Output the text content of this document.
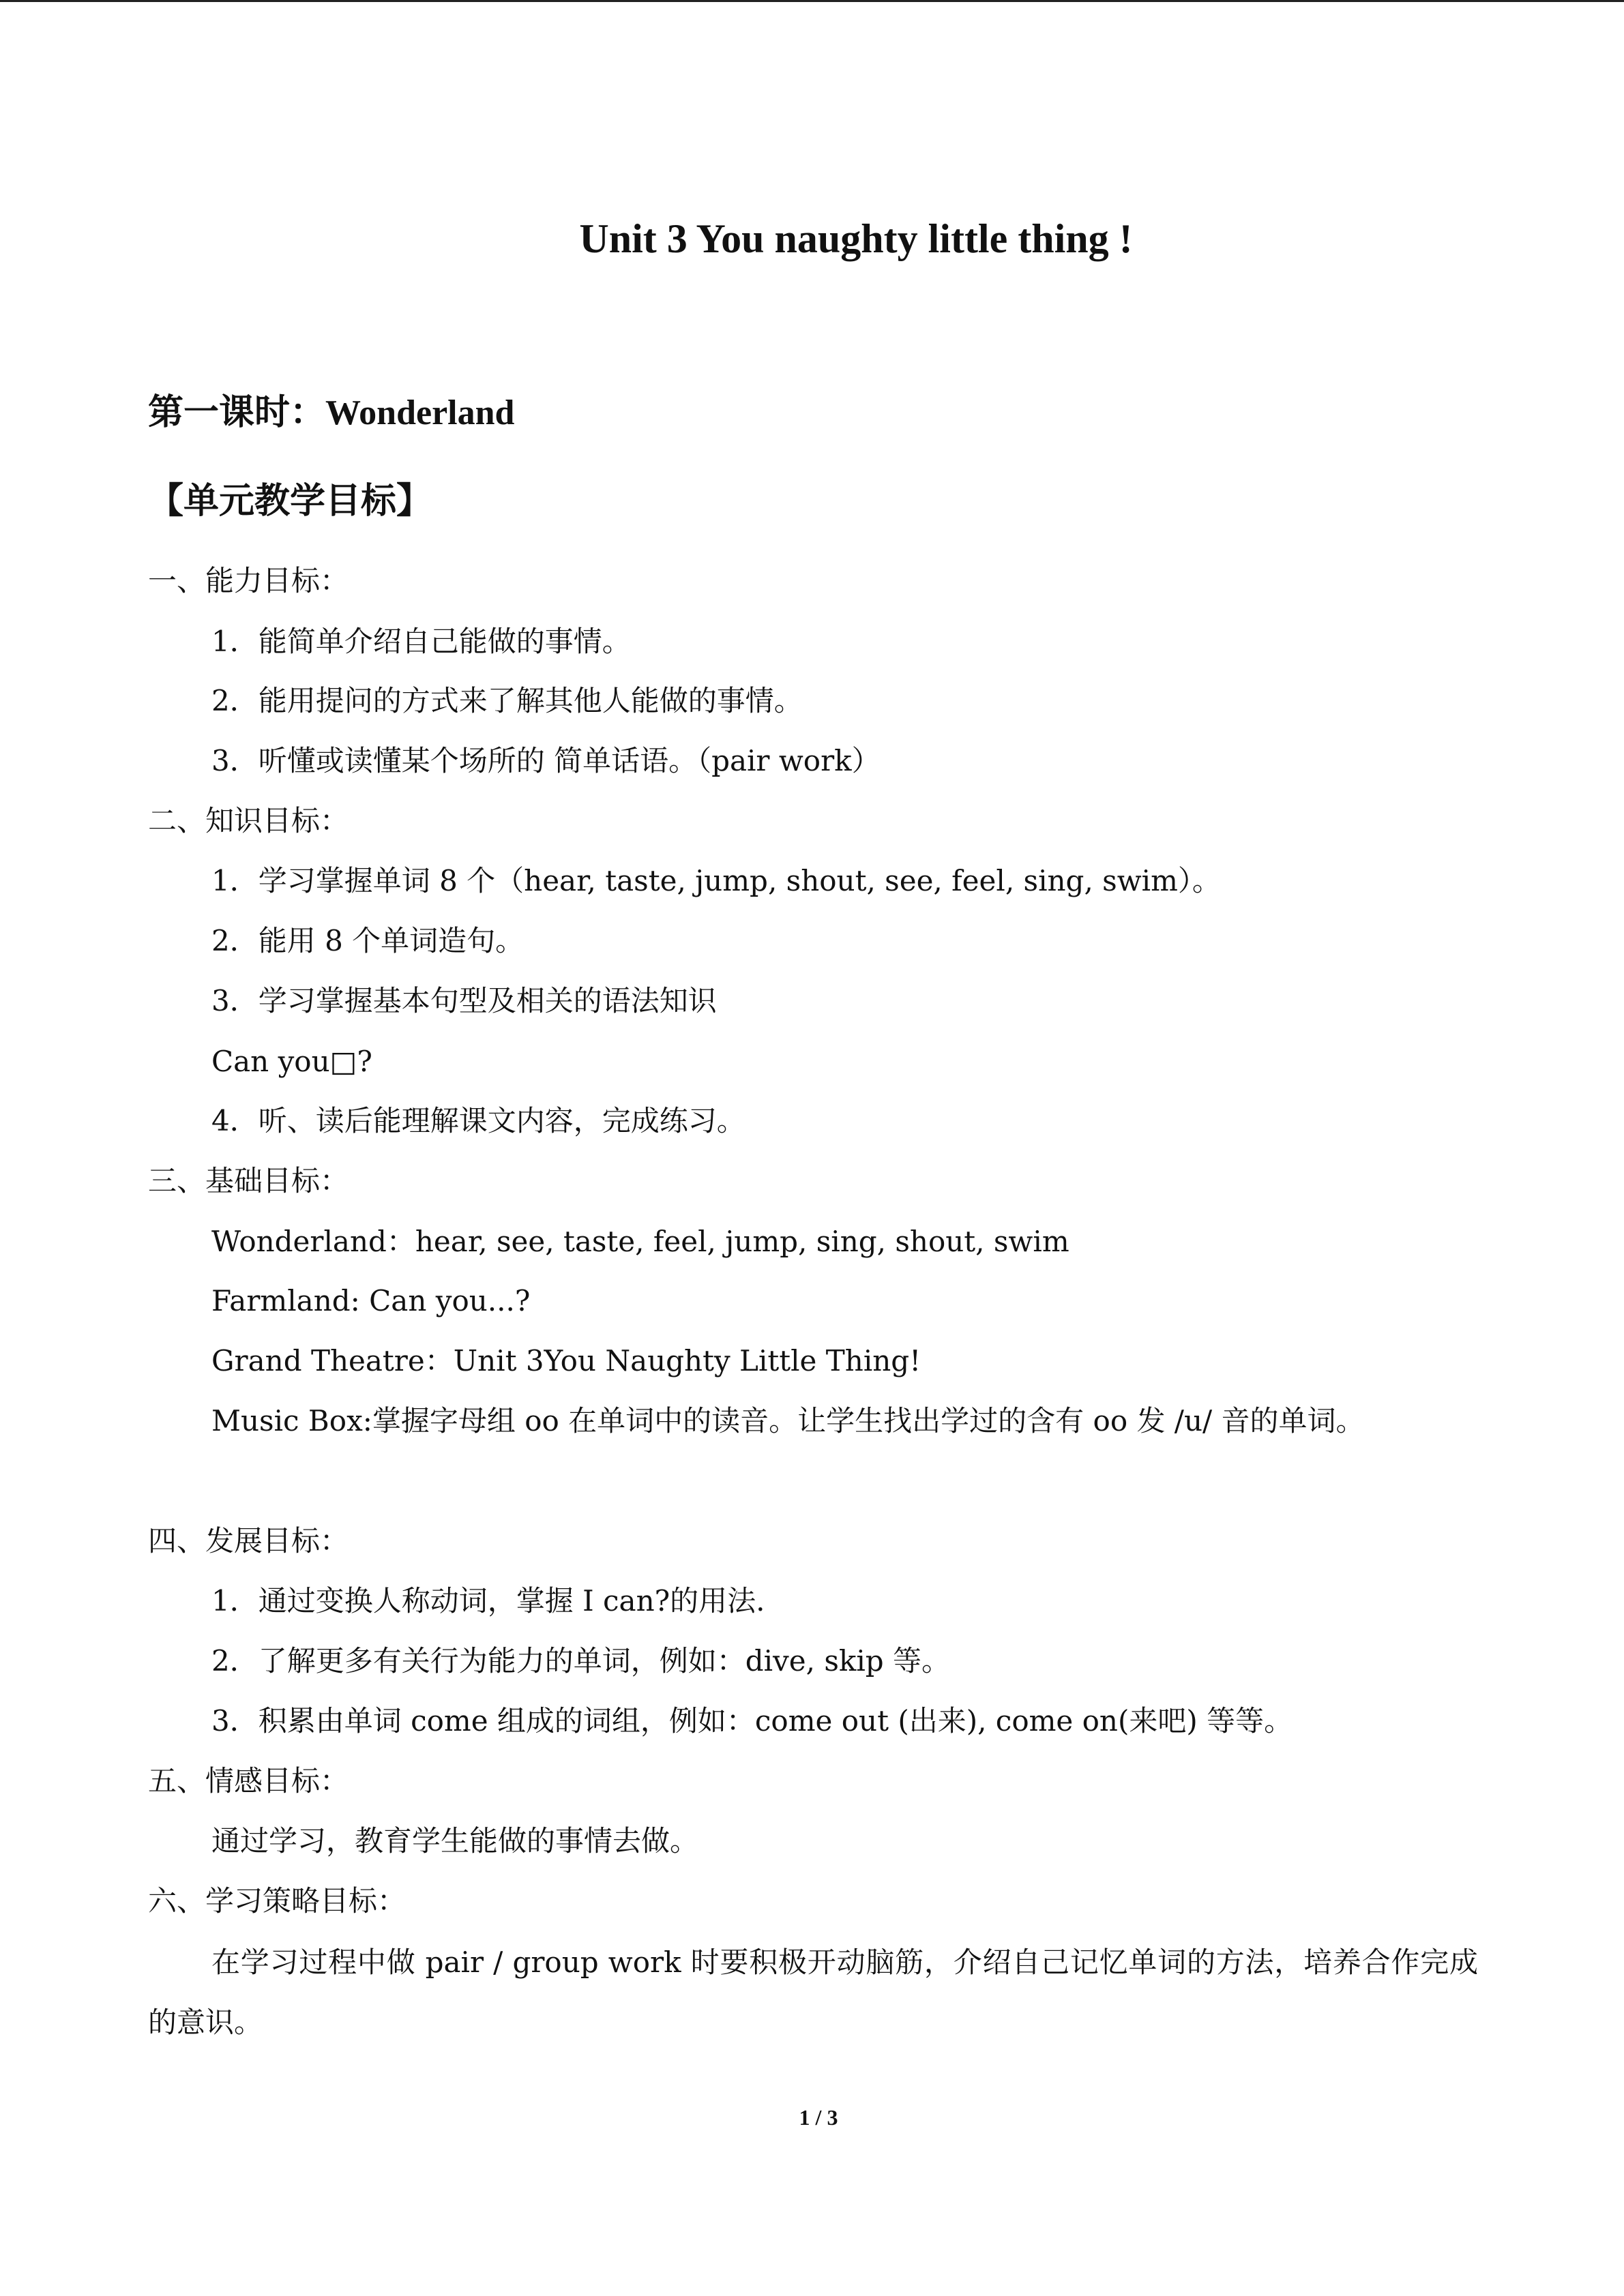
Unit 3 You naughty little thing !
第一课时：Wonderland
【单元教学目标】
一、能力目标：
1．能简单介绍自己能做的事情。
2．能用提问的方式来了解其他人能做的事情。
3．听懂或读懂某个场所的 简单话语。（pair work）
二、知识目标：
1．学习掌握单词 8 个（hear, taste, jump, shout, see, feel, sing, swim）。
2．能用 8 个单词造句。
3．学习掌握基本句型及相关的语法知识
Can you□?
4．听、读后能理解课文内容，完成练习。
三、基础目标：
Wonderland：hear, see, taste, feel, jump, sing, shout, swim
Farmland: Can you...?
Grand Theatre：Unit 3You Naughty Little Thing!
Music Box:掌握字母组 oo 在单词中的读音。让学生找出学过的含有 oo 发 /u/ 音的单词。
四、发展目标：
1．通过变换人称动词，掌握 I can?的用法.
2．了解更多有关行为能力的单词，例如：dive, skip 等。
3．积累由单词 come 组成的词组，例如：come out (出来), come on(来吧) 等等。
五、情感目标：
通过学习，教育学生能做的事情去做。
六、学习策略目标：
在学习过程中做 pair / group work 时要积极开动脑筋，介绍自己记忆单词的方法，培养合作完成的意识。
1 / 3
